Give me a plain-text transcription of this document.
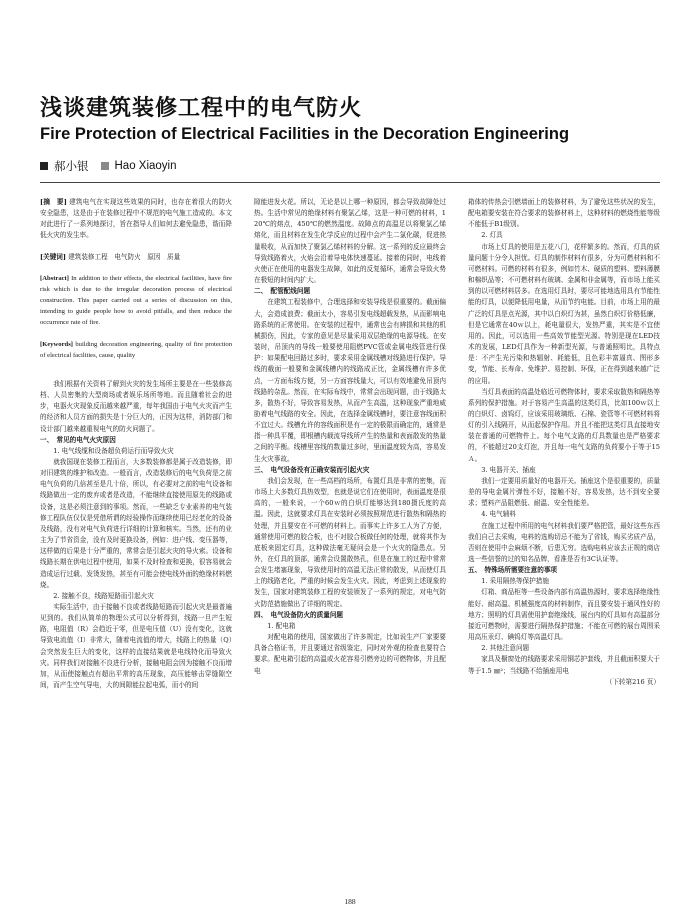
浅谈建筑装修工程中的电气防火
Fire Protection of Electrical Facilities in the Decoration Engineering
郝小银 Hao Xiaoyin
[摘　要] 建筑电气在实现这些效果的同时，也存在着很大的防火安全隐患，这是由于在装修过程中不规范的电气施工造成的。本文对此进行了一系列地探讨，旨在指导人们如何去避免隐患，谐而降低火灾的发生率。
[关键词] 建筑装修工程　电气防火　原因　质量
[Abstract] In addition to their effects, the electrical facilities, have fire risk which is due to the irregular decoration process of electrical construction. This paper carried out a series of discussion on this, intending to guide people how to avoid pitfalls, and then reduce the occurrence rate of fire.
[Keywords] building decoration engineering, quality of fire protection of electrical facilities, cause, quality

我们根据有关资料了解到火灾的发生场所主要是在一些装修高档、人员密集的大型商场或者娱乐场所等地。而且随着社会的进步，电器火灾现象反而越来越严重，每年我国由于电气火灾而产生的经济和人员方面的损失是十分巨大的，正因为这样，消防部门和设计部门越来越重视电气的防火问题了。

一、　常见的电气火灾原因

1. 电气线缆和设备超负荷运行而导致火灾

就我国现在装修工程而言，大多数装修都是属于改造装修，即对旧建筑的维护和改造。一般而言，改造装修后的电气负荷是之前电气负荷的几倍甚至是几十倍，所以，有必要对之前的电气设备和线路做出一定的废弃或者是改造，不能继续直接使用原先的线路或设备，这是必须注意到的事项。然而，一些缺乏专业素养的电气装修工程队伍仅仅是凭借所谓的经验操作而继续使用已经老化的设备及线路，没有对电气负荷进行详细的计算和核实。当然，还有的业主为了节省资金，没有及时更换设备，例如：进户线、变压器等，这样做的后果是十分严重的，常常会是引起火灾的导火索。设备和线路长期在供电过程中使用，如果不及时检查和更换，很容易就会造成运行过载、发烫发热，甚至有可能会使电线外面的绝缘材料燃烧。

2. 接触不良，线路短路而引起火灾

实际生活中，由于接触不良或者线路短路而引起火灾是最普遍见到的。我们从简单的物理公式可以分析得到，线路一旦产生短路，电阻值（R）会趋近于零，但是电压值（U）没有变化，这就导致电流值（I）非常大，随着电流值的增大，线路上的热量（Q）会突然发生巨大的变化，这样的直接结果就是电线特化而导致火灾。同样我们对接触不良进行分析，接触电阻会因为接触不良而增加，从而使接触点有超出平常的高压现象，高压能够击穿缝隙空间，而产生空气导电，大的间隙能拉起电弧，而小的间

隙能进发火花。所以，无论是以上哪一种原因，都会导致故障处过热。生活中常见的绝缘材料有聚氯乙烯，这是一种可燃的材料，120℃的熔点，450℃的燃然温度。故障点的高温足以将聚氯乙烯熔化，而且材料在发生化学反应的过程中会产生二氯化碳，促进热量吸收，从而加快了聚氯乙烯材料的分解。这一系列的反应最终会导致线路着火，火焰会沿着导电体快速蔓延。接着的同时，电线着火使正在使用的电器发生故障，如此的反复循环，通常会导致火势在极短的时间内扩大。

二、　配管配线问题

在建筑工程装修中，合理选择和安装导线是很重要的。截面偏大，会造成浪费；截面太小，容易引发电线超载发热，从而影响电路系统的正常使用。在安装的过程中，通常也会有辨损和其他的机械损伤，因此，专家的意见是尽量采用双层绝缘的电源导线。在安装时，吊顶内的导线一般要使用阻燃PVC管或金属电线管进行保护：如果配电回路过多时，要求采用金属线槽对线路进行保护。导线的截面一般要和金属线槽内的线路成正比，金属线槽有许多优点，一方面布线方便，另一方面容线量大，可以有效地避免吊顶内线路的杂乱。然而，在实际布线中，常常会出现问题，由于线路太多，散热不好，导致容易发热，从而产生高温，这种现象严重地威胁着电气线路的安全。因此，在选择金属线槽时，要注意容线面积不宜过大。线槽允许的容线面积是有一定的极限而确定的，通常是指一种具平覆，即根槽内载流导线所产生的热量和表面散发的热量之间的平衡。线槽里容线的数量过多时，里面温度较为高，容易发生火灾事故。

三、　电气设备没有正确安装而引起火灾

我们会发现，在一些高档的场所，布置灯具是非常的密集，而市场上大多数灯具热效型，也就是说它们在使用时，表面温度是很高的，一般来说，一个60ｗ的白炽灯能够达到180摄氏度的高温。因此，这就要求灯具在安装时必须按照规范进行散热和隔热的处理，并且要安在不可燃的材料上。而事实上许多工人为了方便，通常使用可燃的胶合板，也不对胶合板做任何的处理，就将其作为底板来固定灯具，这种做法毫无疑问会是一个火灾的隐患点。另外，在灯具的顶部，通常会设置散热孔，但是在施工的过程中常常会发生堵塞现象，导致使用时的高温无法正常的散发，从而使灯具上的线路老化，严重的时候会发生火灾。因此，考虑到上述现象的发生，国家对建筑装修工程的安装颁发了一系列的规定，对电气防火防范措施做出了详细的规定。

四、　电气设备防火的质量问题

1. 配电箱

对配电箱的使用，国家做出了许多规定，比如说生产厂家要要具备合格证书，并且要通过省级鉴定，同时对外观的检查也要符合要求。配电箱引起的高温或火花容易引燃旁边的可燃物体，并且配电

箱体的传热会引燃墙面上的装修材料，为了避免这些状况的发生，配电箱要安装在符合要求的装修材料上，这种材料的燃烧性能等级不能低于B1级别。

2. 灯具

市场上灯具的使用是五花八门，花样繁多的。然而，灯具的质量问题十分令人担忧。灯具的制作材料有很多，分为可燃材料和不可燃材料。可燃的材料有很多，例如竹木、硬质的塑料、塑料薄膜和棉织品等；不可燃材料有玻璃、金属和非金属等，而市场上能买到的以可燃材料居多。在选用灯具时，要尽可能地选用具有节能性能的灯具，以便降低用电量，从而节约电能。目前，市场上用的最广泛的灯具是点光源，其中以白炽灯为甚，虽然白炽灯价格低廉，但是它通常在40ｗ以上，耗电量很大，发热严重，其实是不宜使用的。因此，可以选用一些高效节能型光源。特别是现在LED技术的发展，LED灯具作为一种新型光源，与普通照明比，具特点是：不产生光污染和热辐射、耗能低，且色彩丰富逼真、图形多变，节能、长寿命、免维护、易控制、环保，正在得到越来越广泛的应用。

当灯具表面的高温处临近可燃物体时，要求采取散热和隔热等系列的保护措施。对于容易产生高温的这类灯具，比如100ｗ以上的白炽灯、卤钨灯，应该采用玻璃纸、石棉、瓷管等不可燃材料将灯的引入线隔开，从而起保护作用。并且不能把这类灯具直接地安装在普通的可燃物件上。每个电气支路的灯具数量也是严格要求的，不能超过20支灯泡，并且每一电气支路的负荷要小于等于15Ａ。

3. 电器开关、插座

我们一定要用质量好的电器开关。插座这个是很重要的，质量差的导电金属片弹性不好，接触不好，容易发热，达不到安全要求；塑料产品阻燃低、耐温、安全性能差。

4. 电气辅料

在施工过程中所用的电气材料我们要严格把管，最好这些东西我们自己去采购，电料的选购切忌不能为了省钱，购买劣质产品，否则在使用中会麻烦不断，后患无穷。选购电料应该去正规的商店选一些信誉的过的知名品牌，看准是否有3C认证等。

五、　特殊场所需要注意的事项

1. 采用隔热等保护措施

灯箱、商品柜等一些设备内部有高温热源时，要求选择绝缘性能好、耐高温、机械强度高的材料制作，而且要安装于通风性好的地方；照明的灯具需使用护套绝缘线，展台内的灯具如有高温部分接近可燃物时，需要进行隔热保护措施；不能在可燃的展台周围采用高压汞灯、碘钨灯等高温灯具。

2. 其他注意问题

家具及橱窗处的线路要求采用铜芯护套线，并且截面积要大于等于1.5 ㎜²；当线路不给插座用电

（下转第216 页）

188
